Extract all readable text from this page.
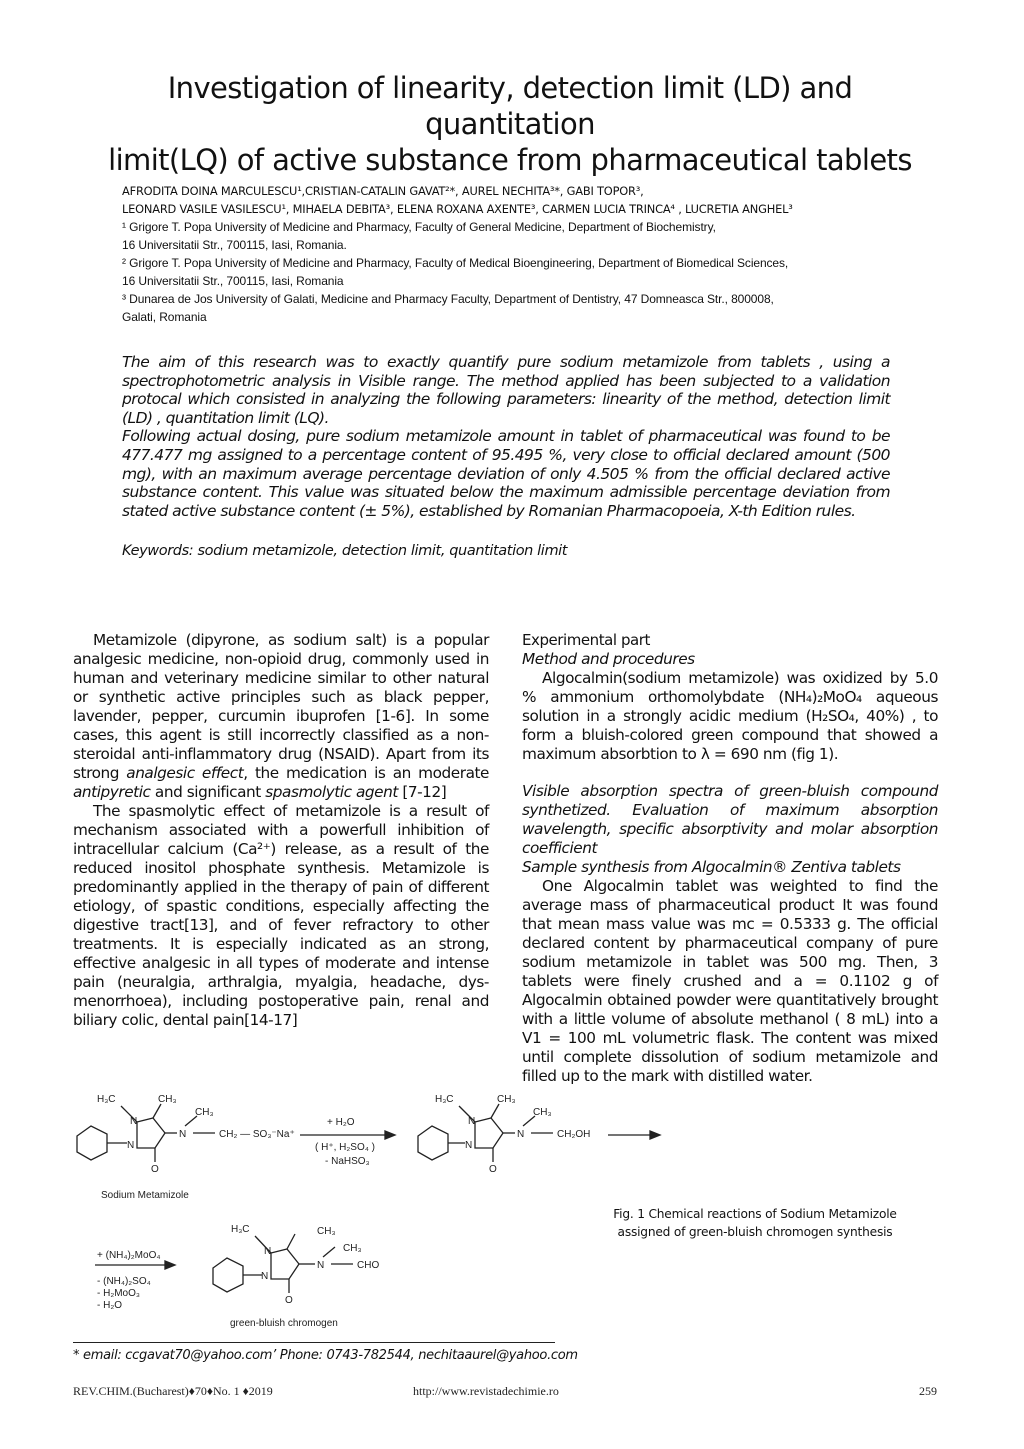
Investigation of linearity, detection limit (LD) and quantitation
limit(LQ) of active substance from pharmaceutical tablets
AFRODITA DOINA MARCULESCU¹,CRISTIAN-CATALIN GAVAT²*, AUREL NECHITA³*, GABI TOPOR³,
LEONARD VASILE VASILESCU¹, MIHAELA DEBITA³, ELENA ROXANA AXENTE³, CARMEN LUCIA TRINCA⁴ , LUCRETIA ANGHEL³
¹ Grigore T. Popa University of Medicine and Pharmacy, Faculty of General Medicine, Department of Biochemistry,
16 Universitatii Str., 700115, Iasi, Romania.
² Grigore T. Popa University of Medicine and Pharmacy, Faculty of Medical Bioengineering, Department of Biomedical Sciences,
16 Universitatii Str., 700115, Iasi, Romania
³ Dunarea de Jos University of Galati, Medicine and Pharmacy Faculty, Department of Dentistry, 47 Domneasca Str., 800008,
Galati, Romania

The aim of this research was to exactly quantify pure sodium metamizole from tablets , using a spectrophotometric analysis in Visible range. The method applied has been subjected to a validation protocal which consisted in analyzing the following parameters: linearity of the method, detection limit (LD) , quantitation limit (LQ).

Following actual dosing, pure sodium metamizole amount in tablet of pharmaceutical was found to be 477.477 mg assigned to a percentage content of 95.495 %, very close to official declared amount (500 mg), with an maximum average percentage deviation of only 4.505 % from the official declared active substance content. This value was situated below the maximum admissible percentage deviation from stated active substance content (± 5%), established by Romanian Pharmacopoeia, X-th Edition rules.

Keywords: sodium metamizole, detection limit, quantitation limit

Metamizole (dipyrone, as sodium salt) is a popular analgesic medicine, non-opioid drug, commonly used in human and veterinary medicine similar to other natural or synthetic active principles such as black pepper, lavender, pepper, curcumin ibuprofen [1-6]. In some cases, this agent is still incorrectly classified as a non-steroidal anti-inflammatory drug (NSAID). Apart from its strong analgesic effect, the medication is an moderate antipyretic and significant spasmolytic agent [7-12]

The spasmolytic effect of metamizole is a result of mechanism associated with a powerfull inhibition of intracellular calcium (Ca²⁺) release, as a result of the reduced inositol phosphate synthesis. Metamizole is predominantly applied in the therapy of pain of different etiology, of spastic conditions, especially affecting the digestive tract[13], and of fever refractory to other treatments. It is especially indicated as an strong, effective analgesic in all types of moderate and intense pain (neuralgia, arthralgia, myalgia, headache, dys-menorrhoea), including postoperative pain, renal and biliary colic, dental pain[14-17]

Experimental part

Method and procedures

Algocalmin(sodium metamizole) was oxidized by 5.0 % ammonium orthomolybdate (NH₄)₂MoO₄ aqueous solution in a strongly acidic medium (H₂SO₄, 40%) , to form a bluish-colored green compound that showed a maximum absorbtion to λ = 690 nm (fig 1).

Visible absorption spectra of green-bluish compound synthetized. Evaluation of maximum absorption wavelength, specific absorptivity and molar absorption coefficient

Sample synthesis from Algocalmin® Zentiva tablets

One Algocalmin tablet was weighted to find the average mass of pharmaceutical product It was found that mean mass value was mc = 0.5333 g. The official declared content by pharmaceutical company of pure sodium metamizole in tablet was 500 mg. Then, 3 tablets were finely crushed and a = 0.1102 g of Algocalmin obtained powder were quantitatively brought with a little volume of absolute methanol ( 8 mL) into a V1 = 100 mL volumetric flask. The content was mixed until complete dissolution of sodium metamizole and filled up to the mark with distilled water.

H₃C	CH₃
N
N
O
N
CH₃
CH₂ — SO₃⁻Na⁺
+ H₂O
( H⁺, H₂SO₄ )
- NaHSO₃
H₃C	CH₃
N
N
O
N
CH₃
CH₂OH
Sodium Metamizole
+ (NH₄)₂MoO₄
- (NH₄)₂SO₄
- H₂MoO₃
- H₂O
H₃C	CH₃
N
N
O
N
CH₃
CHO
green-bluish chromogen
Fig. 1 Chemical reactions of Sodium Metamizole
assigned of green-bluish chromogen synthesis
* email: ccgavat70@yahoo.com’ Phone: 0743-782544, nechitaaurel@yahoo.com
REV.CHIM.(Bucharest)♦70♦No. 1 ♦2019	http://www.revistadechimie.ro	259
